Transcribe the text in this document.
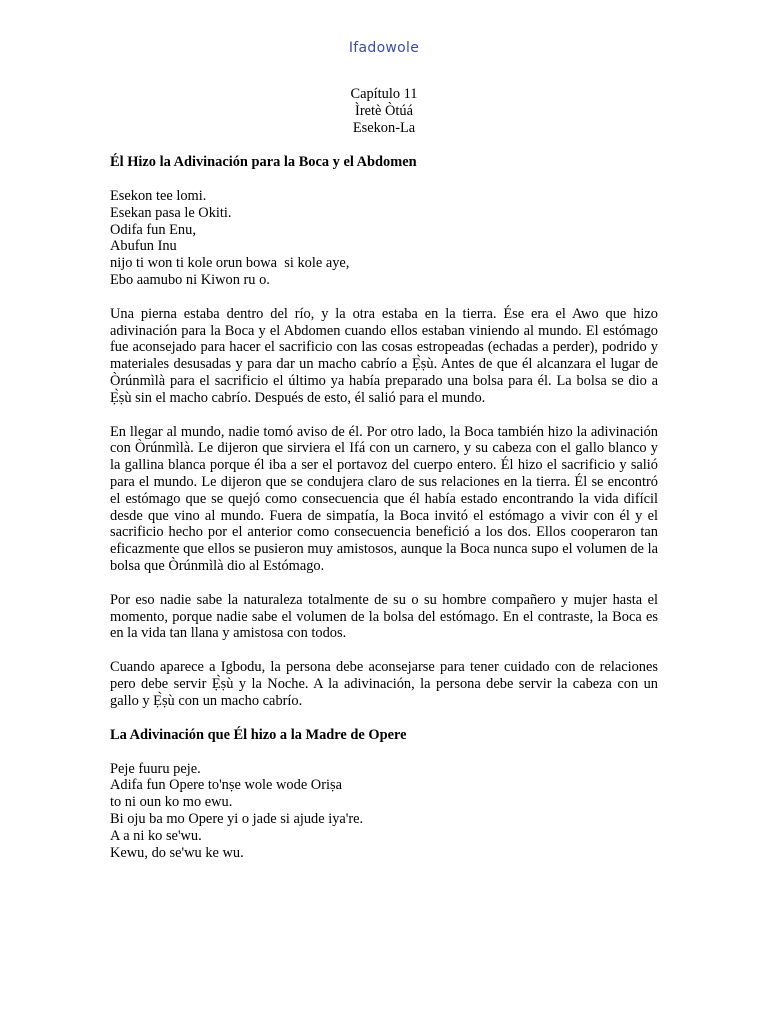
Ifadowole
Capítulo 11
Ìretè Òtúá
Esekon-La
Él Hizo la Adivinación para la Boca y el Abdomen
Esekon tee lomi.
Esekan pasa le Okiti.
Odifa fun Enu,
Abufun Inu
nijo ti won ti kole orun bowa  si kole aye,
Ebo aamubo ni Kiwon ru o.

Una pierna estaba dentro del río, y la otra estaba en la tierra. Ése era el Awo que hizo adivinación para la Boca y el Abdomen cuando ellos estaban viniendo al mundo. El estómago fue aconsejado para hacer el sacrificio con las cosas estropeadas (echadas a perder), podrido y materiales desusadas y para dar un macho cabrío a Ẹ̀ṣù. Antes de que él alcanzara el lugar de Òrúnmìlà para el sacrificio el último ya había preparado una bolsa para él. La bolsa se dio a Ẹ̀ṣù sin el macho cabrío. Después de esto, él salió para el mundo.

En llegar al mundo, nadie tomó aviso de él. Por otro lado, la Boca también hizo la adivinación con Òrúnmìlà. Le dijeron que sirviera el Ifá con un carnero, y su cabeza con el gallo blanco y la gallina blanca porque él iba a ser el portavoz del cuerpo entero. Él hizo el sacrificio y salió para el mundo. Le dijeron que se condujera claro de sus relaciones en la tierra. Él se encontró el estómago que se quejó como consecuencia que él había estado encontrando la vida difícil desde que vino al mundo. Fuera de simpatía, la Boca invitó el estómago a vivir con él y el sacrificio hecho por el anterior como consecuencia benefició a los dos. Ellos cooperaron tan eficazmente que ellos se pusieron muy amistosos, aunque la Boca nunca supo el volumen de la bolsa que Òrúnmìlà dio al Estómago.

Por eso nadie sabe la naturaleza totalmente de su o su hombre compañero y mujer hasta el momento, porque nadie sabe el volumen de la bolsa del estómago. En el contraste, la Boca es en la vida tan llana y amistosa con todos.

Cuando aparece a Igbodu, la persona debe aconsejarse para tener cuidado con de relaciones pero debe servir Ẹ̀ṣù y la Noche. A la adivinación, la persona debe servir la cabeza con un gallo y Ẹ̀ṣù con un macho cabrío.

La Adivinación que Él hizo a la Madre de Opere
Peje fuuru peje.
Adifa fun Opere to'nṣe wole wode Oriṣa
to ni oun ko mo ewu.
Bi oju ba mo Opere yi o jade si ajude iya're.
A a ni ko se'wu.
Kewu, do se'wu ke wu.
